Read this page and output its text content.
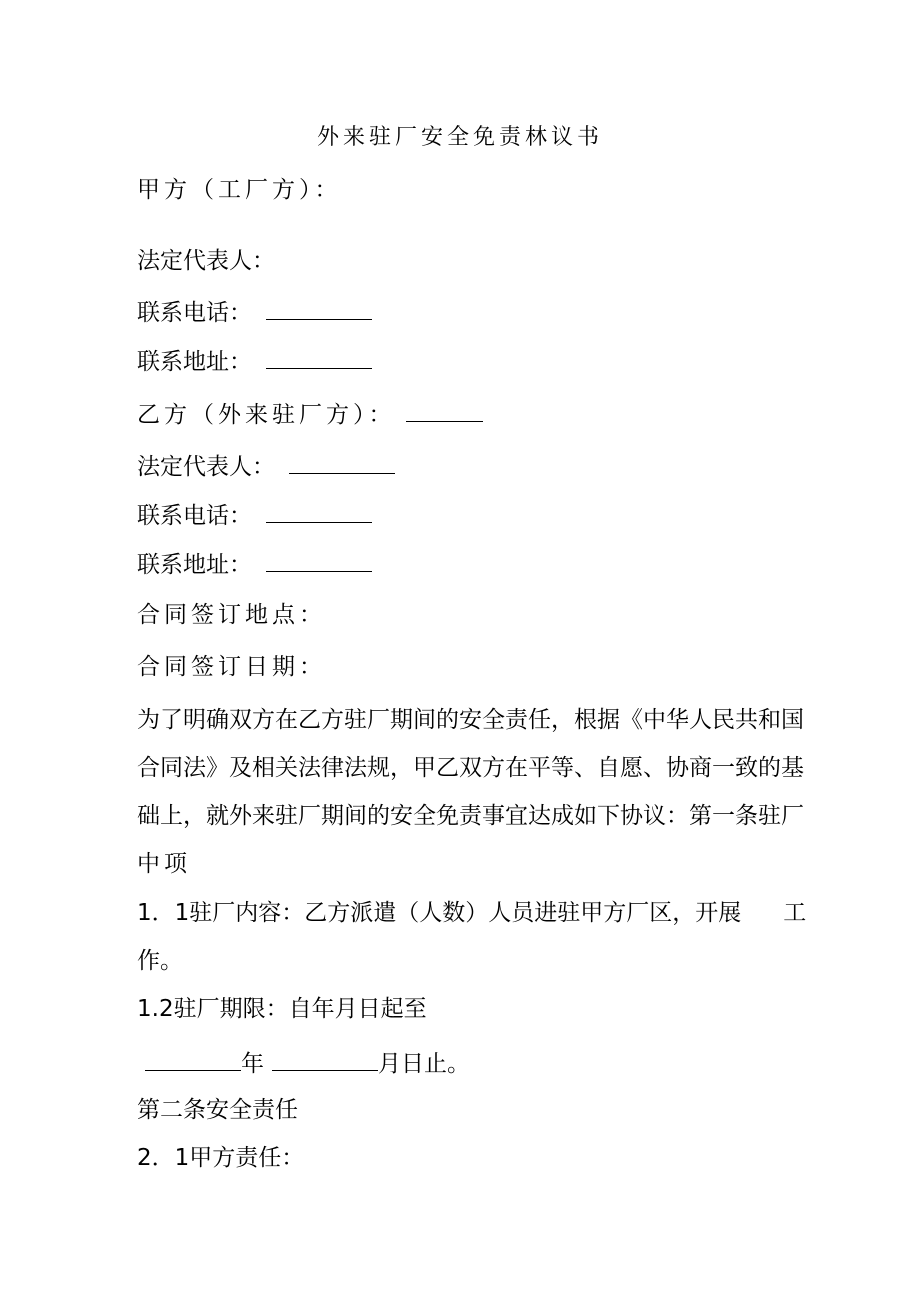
外来驻厂安全免责林议书
甲方（工厂方）：
法定代表人：
联系电话：
联系地址：
乙方（外来驻厂方）：
法定代表人：
联系电话：
联系地址：
合同签订地点：
合同签订日期：
为了明确双方在乙方驻厂期间的安全责任，根据《中华人民共和国
合同法》及相关法律法规，甲乙双方在平等、自愿、协商一致的基
础上，就外来驻厂期间的安全免责事宜达成如下协议：第一条驻厂
中项
1．1驻厂内容：乙方派遣（人数）人员进驻甲方厂区，开展 工
作。
1.2驻厂期限：自年月日起至
年	月日止。
第二条安全责任
2．1甲方责任：
